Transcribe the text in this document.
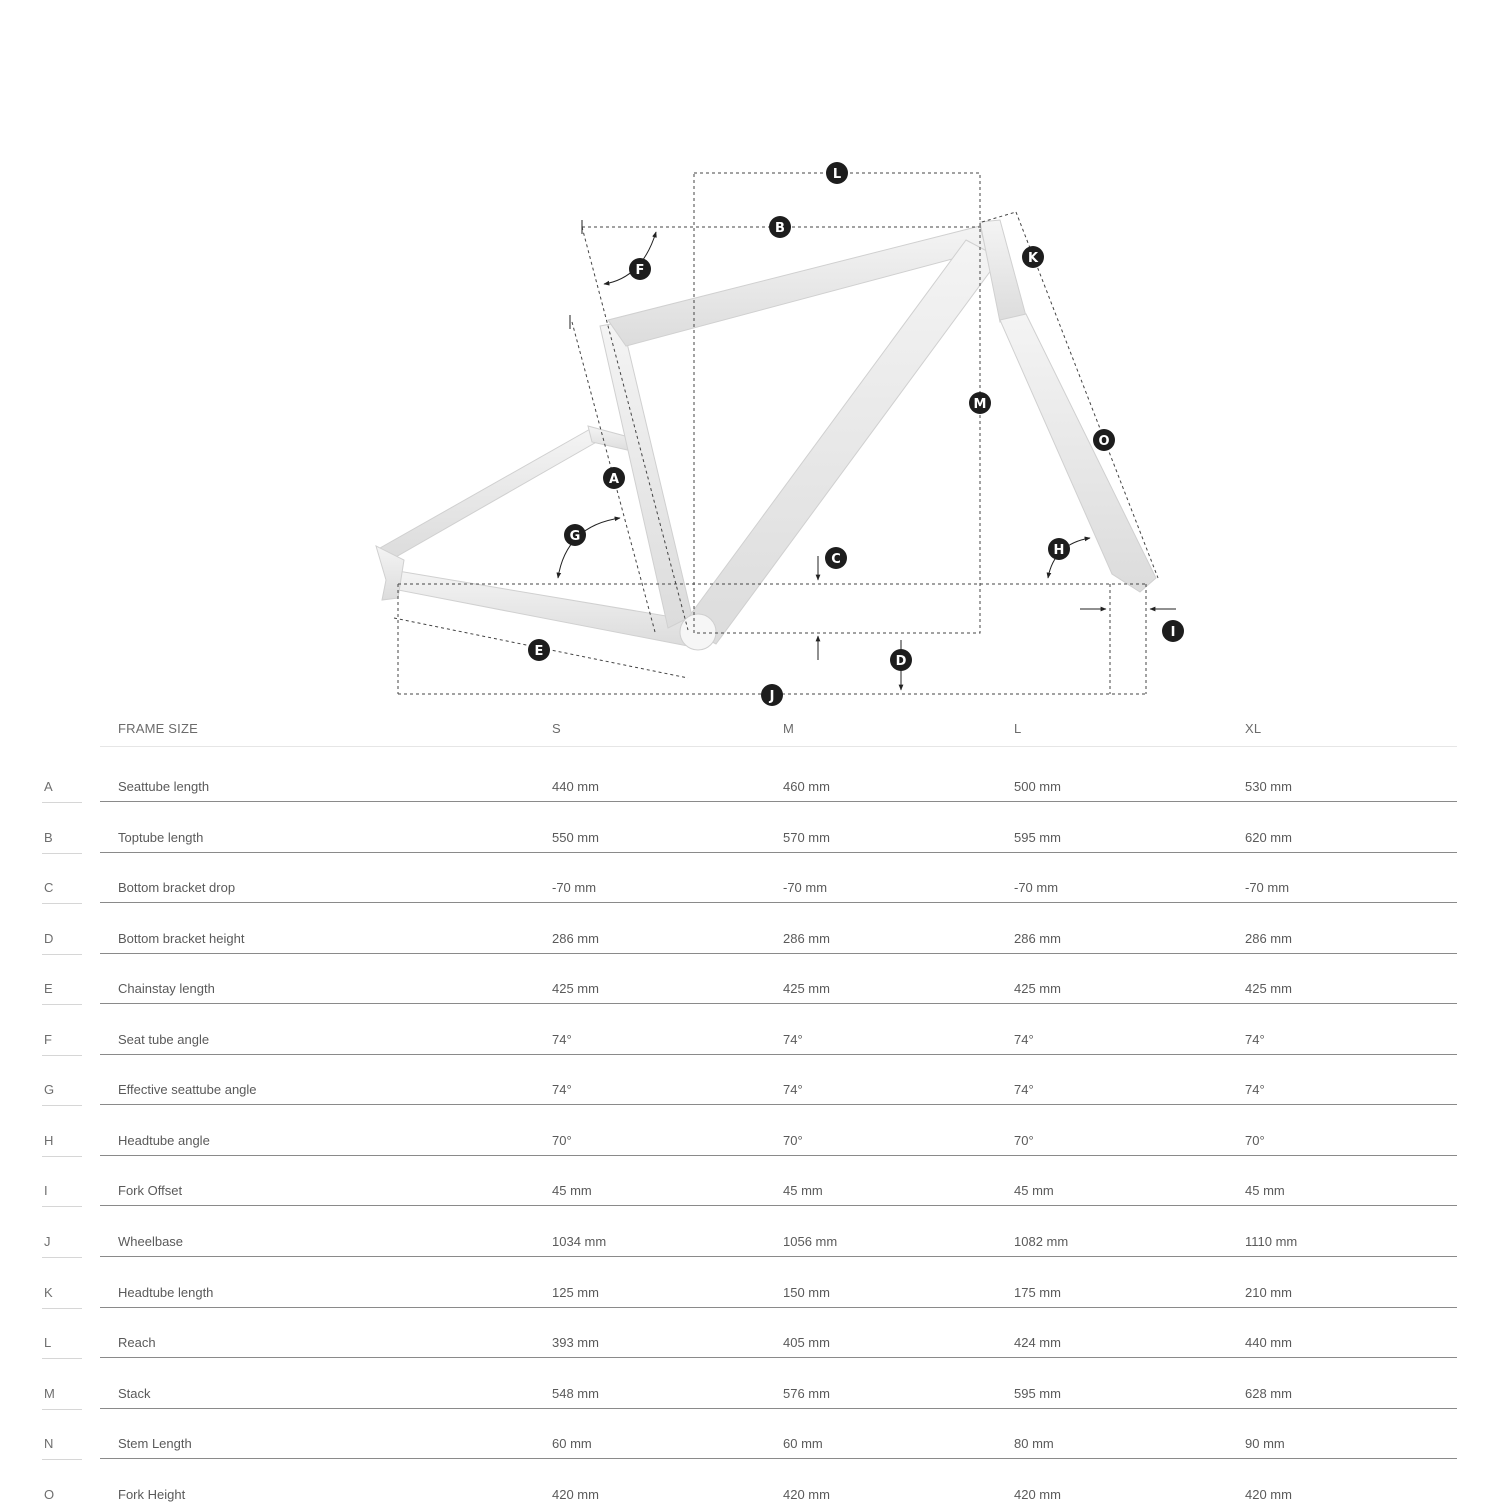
L
B
F
K
M
O
A
G
C
H
I
E
D
J
FRAME SIZE	S	M	L	XL
A	Seattube length	440 mm	460 mm	500 mm	530 mm
B	Toptube length	550 mm	570 mm	595 mm	620 mm
C	Bottom bracket drop	-70 mm	-70 mm	-70 mm	-70 mm
D	Bottom bracket height	286 mm	286 mm	286 mm	286 mm
E	Chainstay length	425 mm	425 mm	425 mm	425 mm
F	Seat tube angle	74°	74°	74°	74°
G	Effective seattube angle	74°	74°	74°	74°
H	Headtube angle	70°	70°	70°	70°
I	Fork Offset	45 mm	45 mm	45 mm	45 mm
J	Wheelbase	1034 mm	1056 mm	1082 mm	1110 mm
K	Headtube length	125 mm	150 mm	175 mm	210 mm
L	Reach	393 mm	405 mm	424 mm	440 mm
M	Stack	548 mm	576 mm	595 mm	628 mm
N	Stem Length	60 mm	60 mm	80 mm	90 mm
O	Fork Height	420 mm	420 mm	420 mm	420 mm
